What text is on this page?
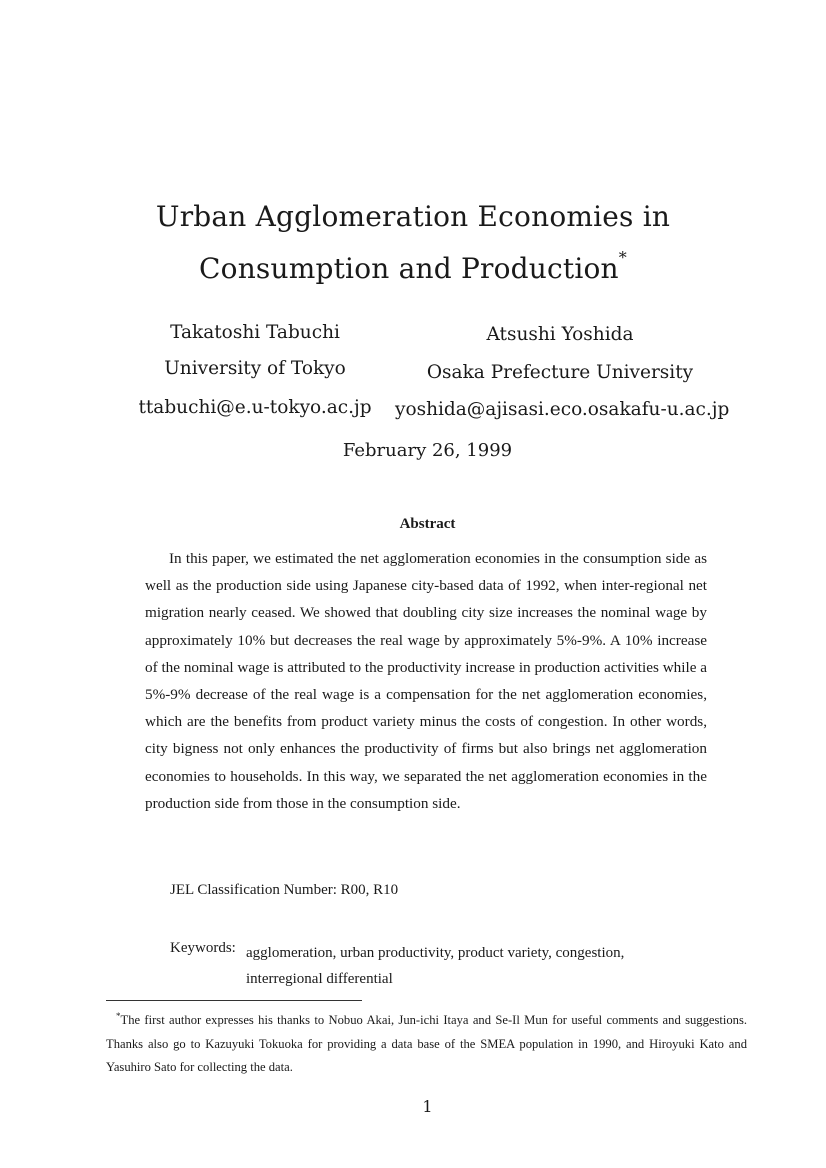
Urban Agglomeration Economies in
Consumption and Production*
Takatoshi Tabuchi
University of Tokyo
ttabuchi@e.u-tokyo.ac.jp
Atsushi Yoshida
Osaka Prefecture University
yoshida@ajisasi.eco.osakafu-u.ac.jp
February 26, 1999
Abstract

In this paper, we estimated the net agglomeration economies in the consumption side as well as the production side using Japanese city-based data of 1992, when inter-regional net migration nearly ceased. We showed that doubling city size increases the nominal wage by approximately 10% but decreases the real wage by approximately 5%-9%. A 10% increase of the nominal wage is attributed to the productivity increase in production activities while a 5%-9% decrease of the real wage is a compensation for the net agglomeration economies, which are the benefits from product variety minus the costs of congestion. In other words, city bigness not only enhances the productivity of firms but also brings net agglomeration economies to households. In this way, we separated the net agglomeration economies in the production side from those in the consumption side.

JEL Classification Number: R00, R10
Keywords: agglomeration, urban productivity, product variety, congestion, interregional differential

*The first author expresses his thanks to Nobuo Akai, Jun-ichi Itaya and Se-Il Mun for useful comments and suggestions. Thanks also go to Kazuyuki Tokuoka for providing a data base of the SMEA population in 1990, and Hiroyuki Kato and Yasuhiro Sato for collecting the data.

1
